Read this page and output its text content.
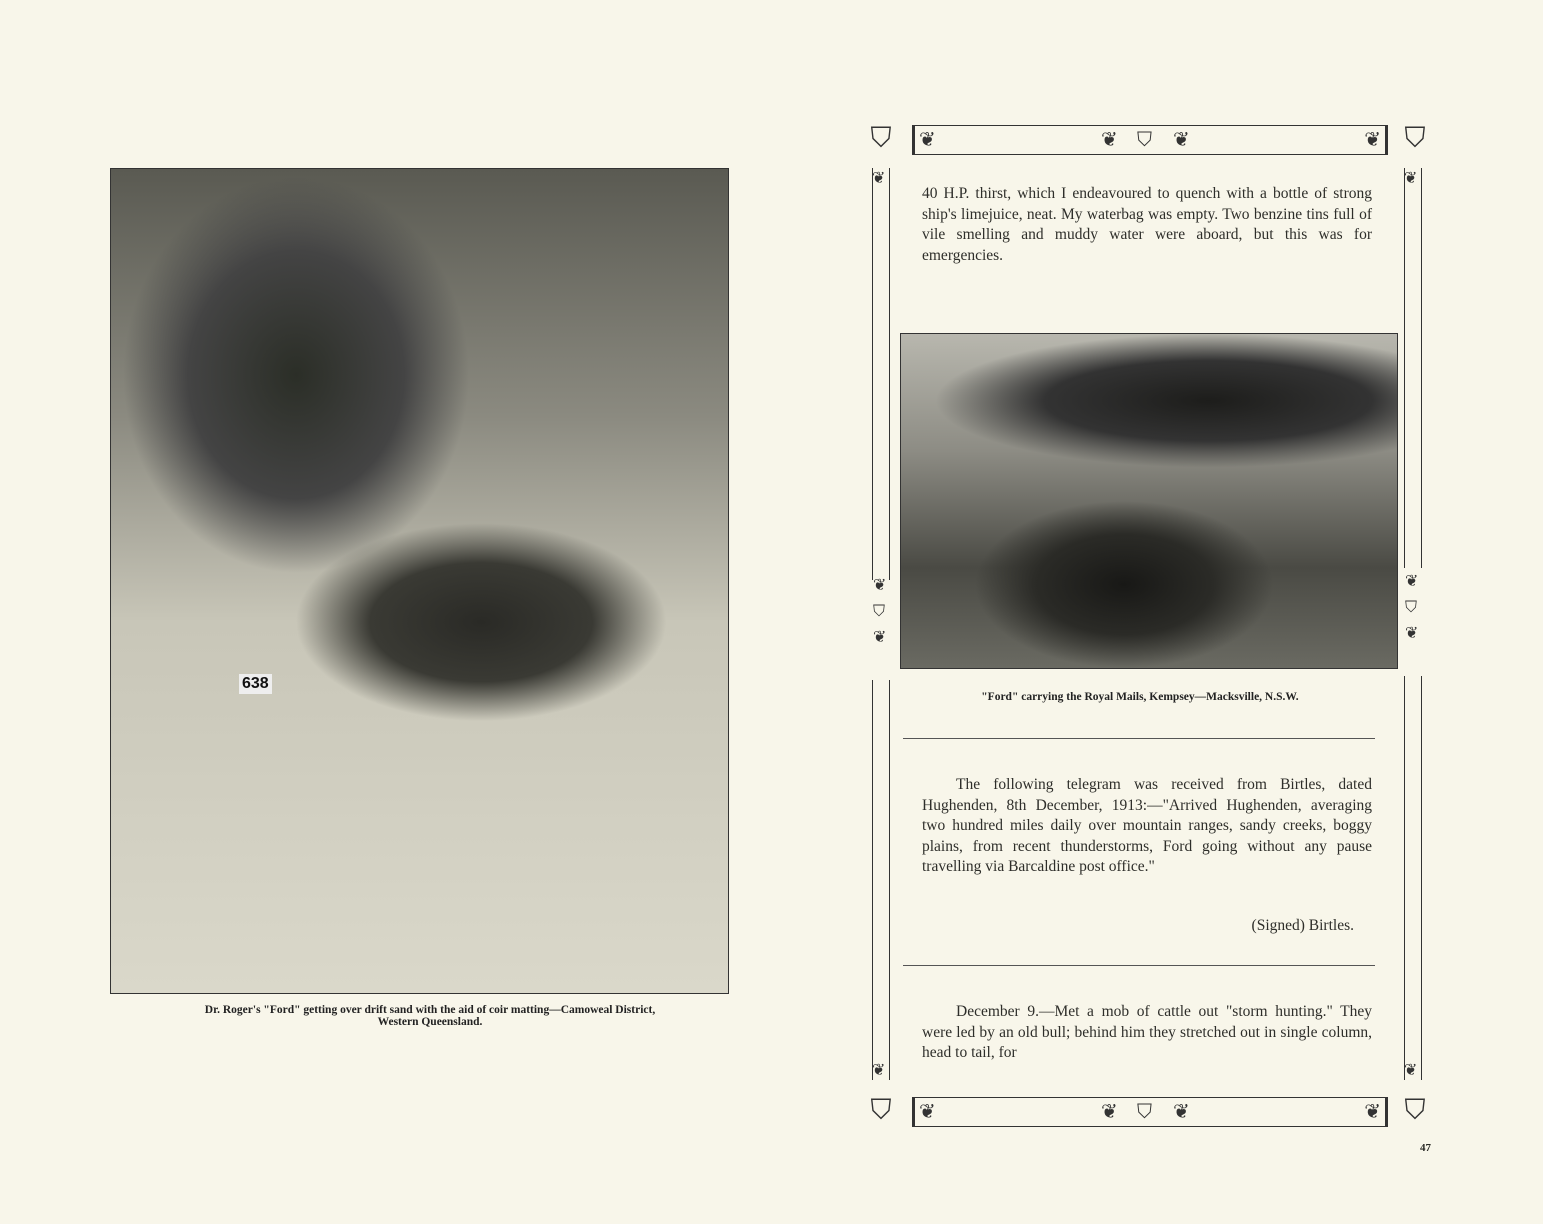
638
Dr. Roger's "Ford" getting over drift sand with the aid of coir matting—Camoweal District,
Western Queensland.
⛉	⛉
❦	❦ ⛉ ❦	❦
❦	❦ ⛉ ❦	❦
⛉	⛉
❦
❦
⛉
❦
❦
❦
❦
⛉
❦
❦
40 H.P. thirst, which I endeavoured to quench with a bottle of strong ship's limejuice, neat. My waterbag was empty. Two benzine tins full of vile smelling and muddy water were aboard, but this was for emergencies.
"Ford" carrying the Royal Mails, Kempsey—Macksville, N.S.W.
The following telegram was received from Birtles, dated Hughenden, 8th December, 1913:—"Arrived Hughenden, averaging two hundred miles daily over mountain ranges, sandy creeks, boggy plains, from recent thunderstorms, Ford going without any pause travelling via Barcaldine post office."
(Signed) Birtles.
December 9.—Met a mob of cattle out "storm hunting." They were led by an old bull; behind him they stretched out in single column, head to tail, for
47
